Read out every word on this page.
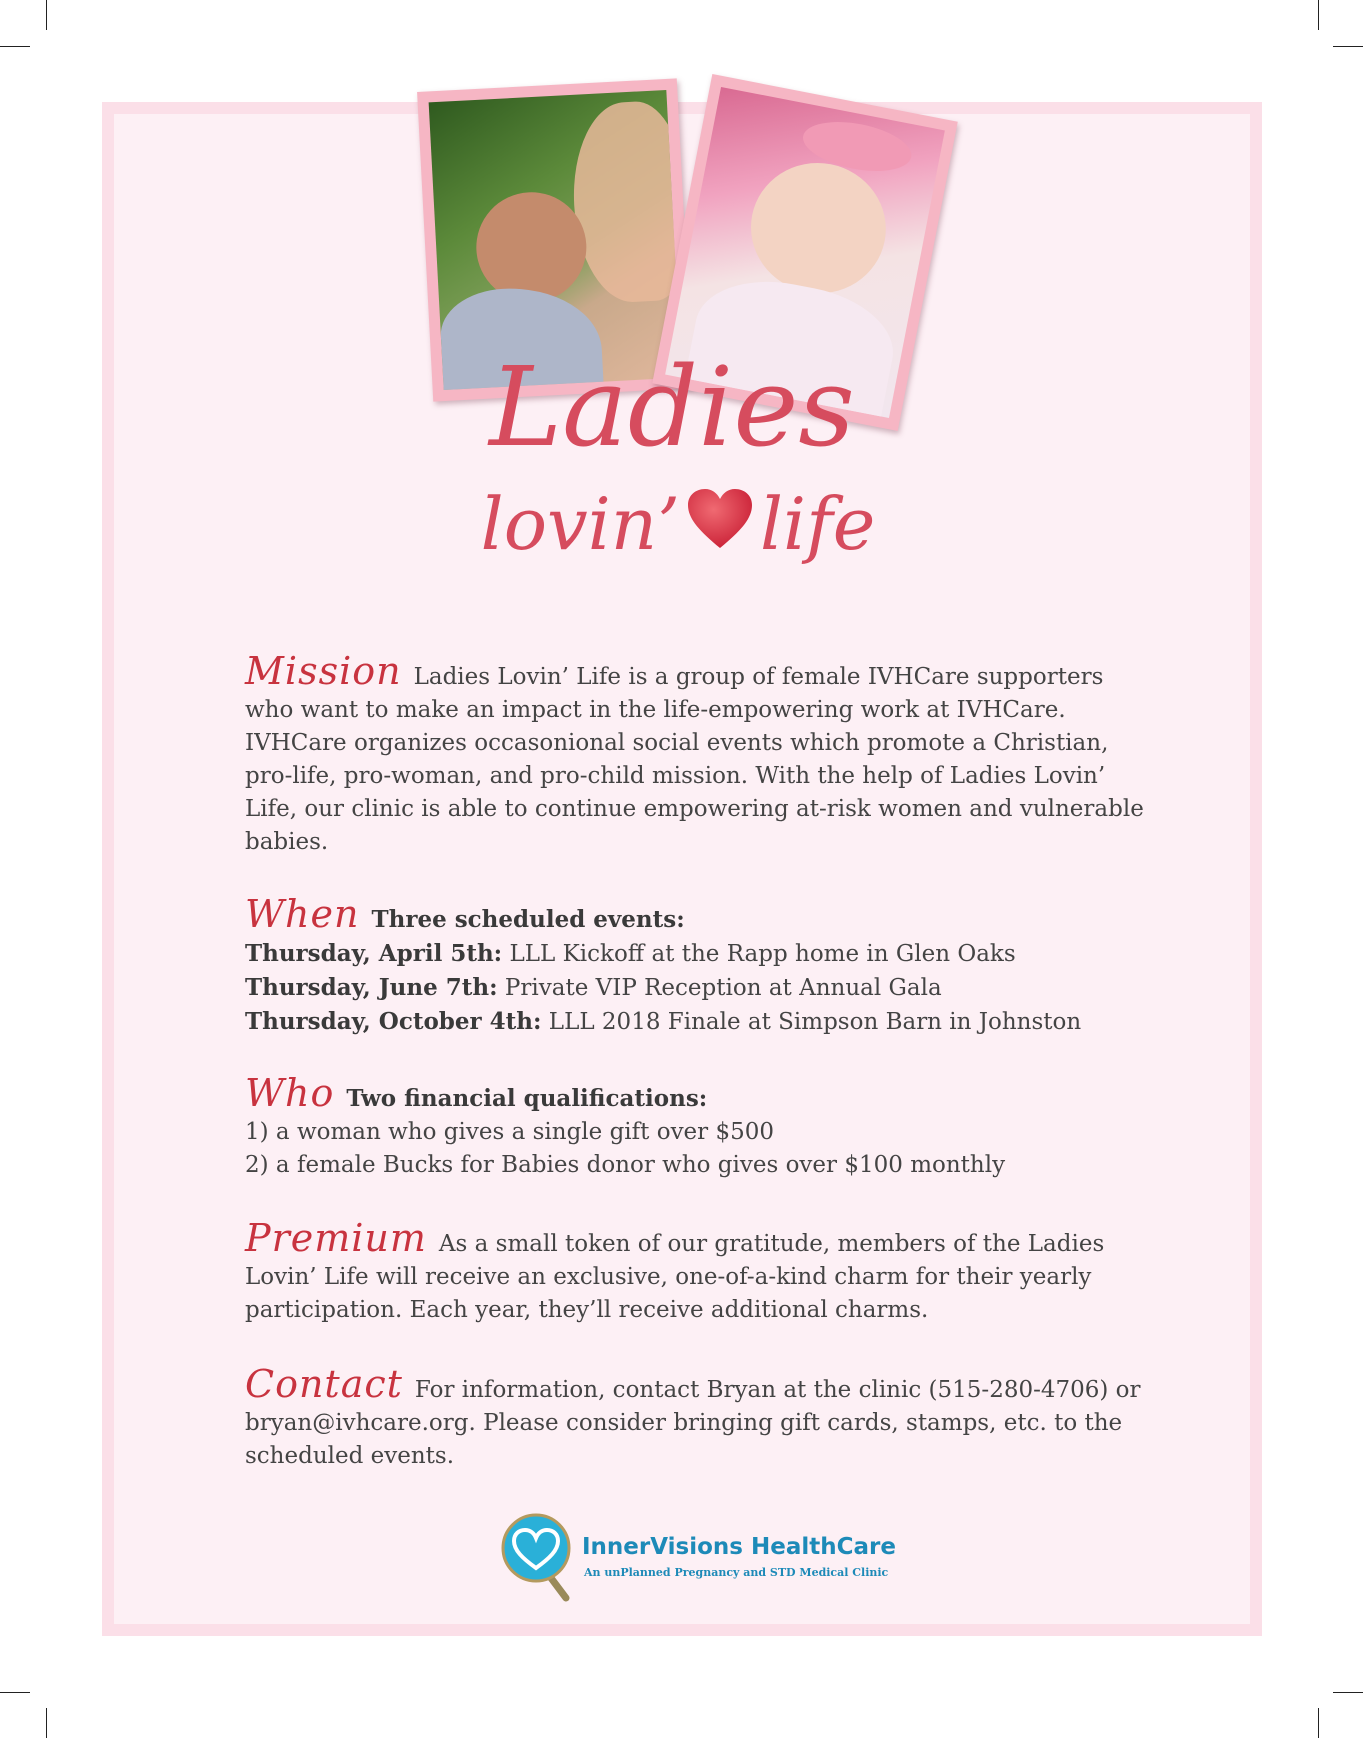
Ladies
lovin’ life
Mission Ladies Lovin’ Life is a group of female IVHCare supporters who want to make an impact in the life-empowering work at IVHCare. IVHCare organizes occasonional social events which promote a Christian, pro-life, pro-woman, and pro-child mission. With the help of Ladies Lovin’ Life, our clinic is able to continue empowering at-risk women and vulnerable babies.
When Three scheduled events:
Thursday, April 5th: LLL Kickoff at the Rapp home in Glen Oaks
Thursday, June 7th: Private VIP Reception at Annual Gala
Thursday, October 4th: LLL 2018 Finale at Simpson Barn in Johnston
Who Two financial qualifications:
1) a woman who gives a single gift over $500
2) a female Bucks for Babies donor who gives over $100 monthly
Premium As a small token of our gratitude, members of the Ladies Lovin’ Life will receive an exclusive, one-of-a-kind charm for their yearly participation. Each year, they’ll receive additional charms.
Contact For information, contact Bryan at the clinic (515-280-4706) or bryan@ivhcare.org. Please consider bringing gift cards, stamps, etc. to the scheduled events.
InnerVisions HealthCare
An unPlanned Pregnancy and STD Medical Clinic
